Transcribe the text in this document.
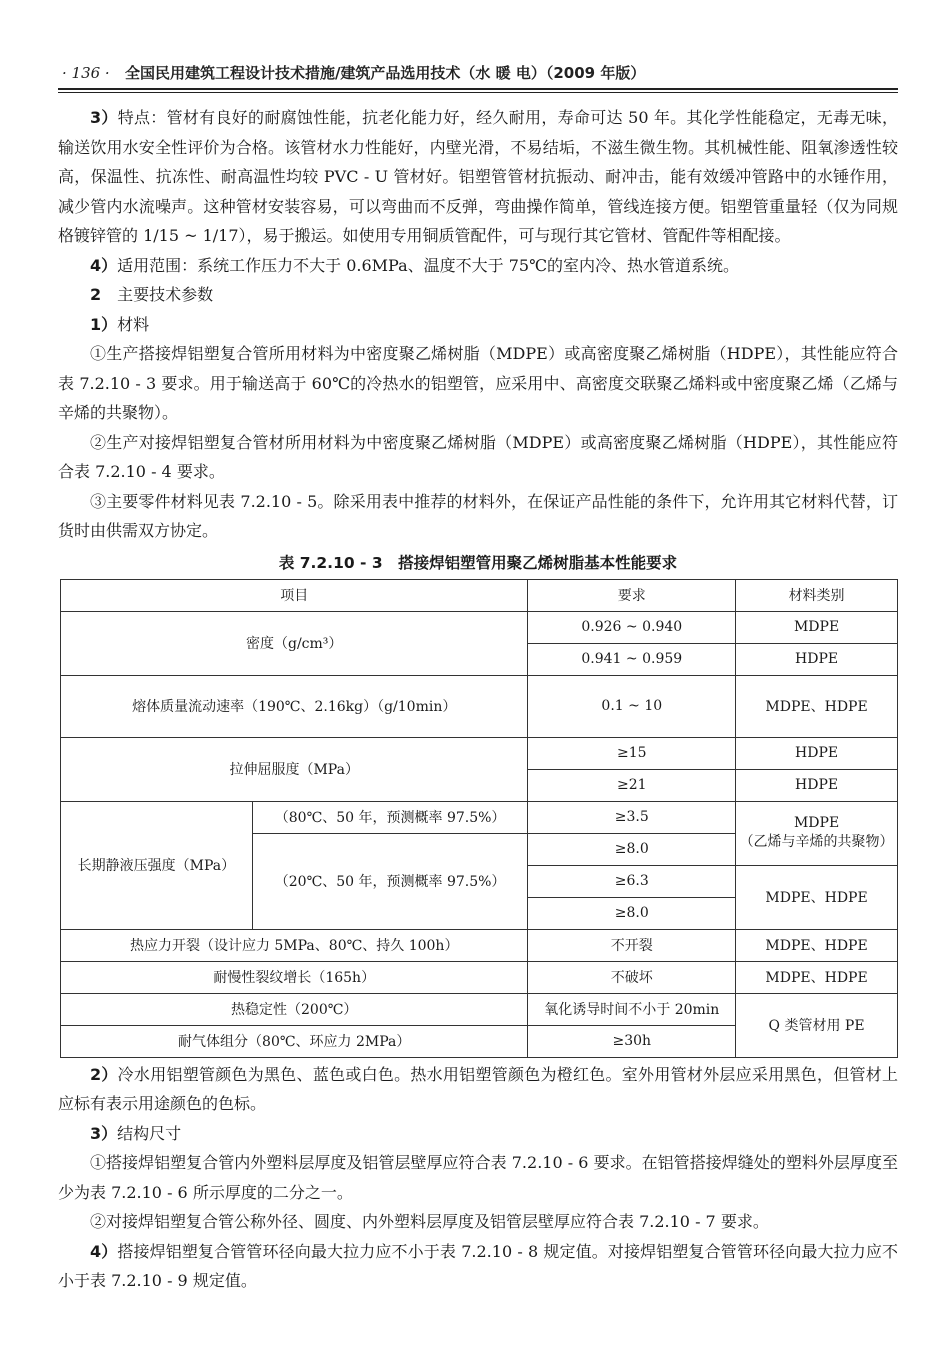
· 136 · 全国民用建筑工程设计技术措施/建筑产品选用技术（水 暖 电）（2009 年版）

3）特点：管材有良好的耐腐蚀性能，抗老化能力好，经久耐用，寿命可达 50 年。其化学性能稳定，无毒无味，输送饮用水安全性评价为合格。该管材水力性能好，内壁光滑，不易结垢，不滋生微生物。其机械性能、阻氧渗透性较高，保温性、抗冻性、耐高温性均较 PVC - U 管材好。铝塑管管材抗振动、耐冲击，能有效缓冲管路中的水锤作用，减少管内水流噪声。这种管材安装容易，可以弯曲而不反弹，弯曲操作简单，管线连接方便。铝塑管重量轻（仅为同规格镀锌管的 1/15 ~ 1/17），易于搬运。如使用专用铜质管配件，可与现行其它管材、管配件等相配接。

4）适用范围：系统工作压力不大于 0.6MPa、温度不大于 75℃的室内冷、热水管道系统。

2　 主要技术参数

1）材料

①生产搭接焊铝塑复合管所用材料为中密度聚乙烯树脂（MDPE）或高密度聚乙烯树脂（HDPE），其性能应符合表 7.2.10 - 3 要求。用于输送高于 60℃的冷热水的铝塑管，应采用中、高密度交联聚乙烯料或中密度聚乙烯（乙烯与辛烯的共聚物）。

②生产对接焊铝塑复合管材所用材料为中密度聚乙烯树脂（MDPE）或高密度聚乙烯树脂（HDPE），其性能应符合表 7.2.10 - 4 要求。

③主要零件材料见表 7.2.10 - 5。除采用表中推荐的材料外，在保证产品性能的条件下，允许用其它材料代替，订货时由供需双方协定。

表 7.2.10 - 3　搭接焊铝塑管用聚乙烯树脂基本性能要求
项目		要求	材料类别
密度（g/cm³）		0.926 ~ 0.940	MDPE
		0.941 ~ 0.959	HDPE
熔体质量流动速率（190℃、2.16kg）（g/10min）		0.1 ~ 10	MDPE、HDPE
拉伸屈服度（MPa）		≥15	HDPE
		≥21	HDPE
长期静液压强度（MPa）	（80℃、50 年，预测概率 97.5%）	≥3.5	MDPE
（乙烯与辛烯的共聚物）
	（20℃、50 年，预测概率 97.5%）	≥8.0	
		≥6.3	MDPE、HDPE
		≥8.0	
热应力开裂（设计应力 5MPa、80℃、持久 100h）		不开裂	MDPE、HDPE
耐慢性裂纹增长（165h）		不破坏	MDPE、HDPE
热稳定性（200℃）		氧化诱导时间不小于 20min	Q 类管材用 PE
耐气体组分（80℃、环应力 2MPa）		≥30h	

2）冷水用铝塑管颜色为黑色、蓝色或白色。热水用铝塑管颜色为橙红色。室外用管材外层应采用黑色，但管材上应标有表示用途颜色的色标。

3）结构尺寸

①搭接焊铝塑复合管内外塑料层厚度及铝管层壁厚应符合表 7.2.10 - 6 要求。在铝管搭接焊缝处的塑料外层厚度至少为表 7.2.10 - 6 所示厚度的二分之一。

②对接焊铝塑复合管公称外径、圆度、内外塑料层厚度及铝管层壁厚应符合表 7.2.10 - 7 要求。

4）搭接焊铝塑复合管管环径向最大拉力应不小于表 7.2.10 - 8 规定值。对接焊铝塑复合管管环径向最大拉力应不小于表 7.2.10 - 9 规定值。
